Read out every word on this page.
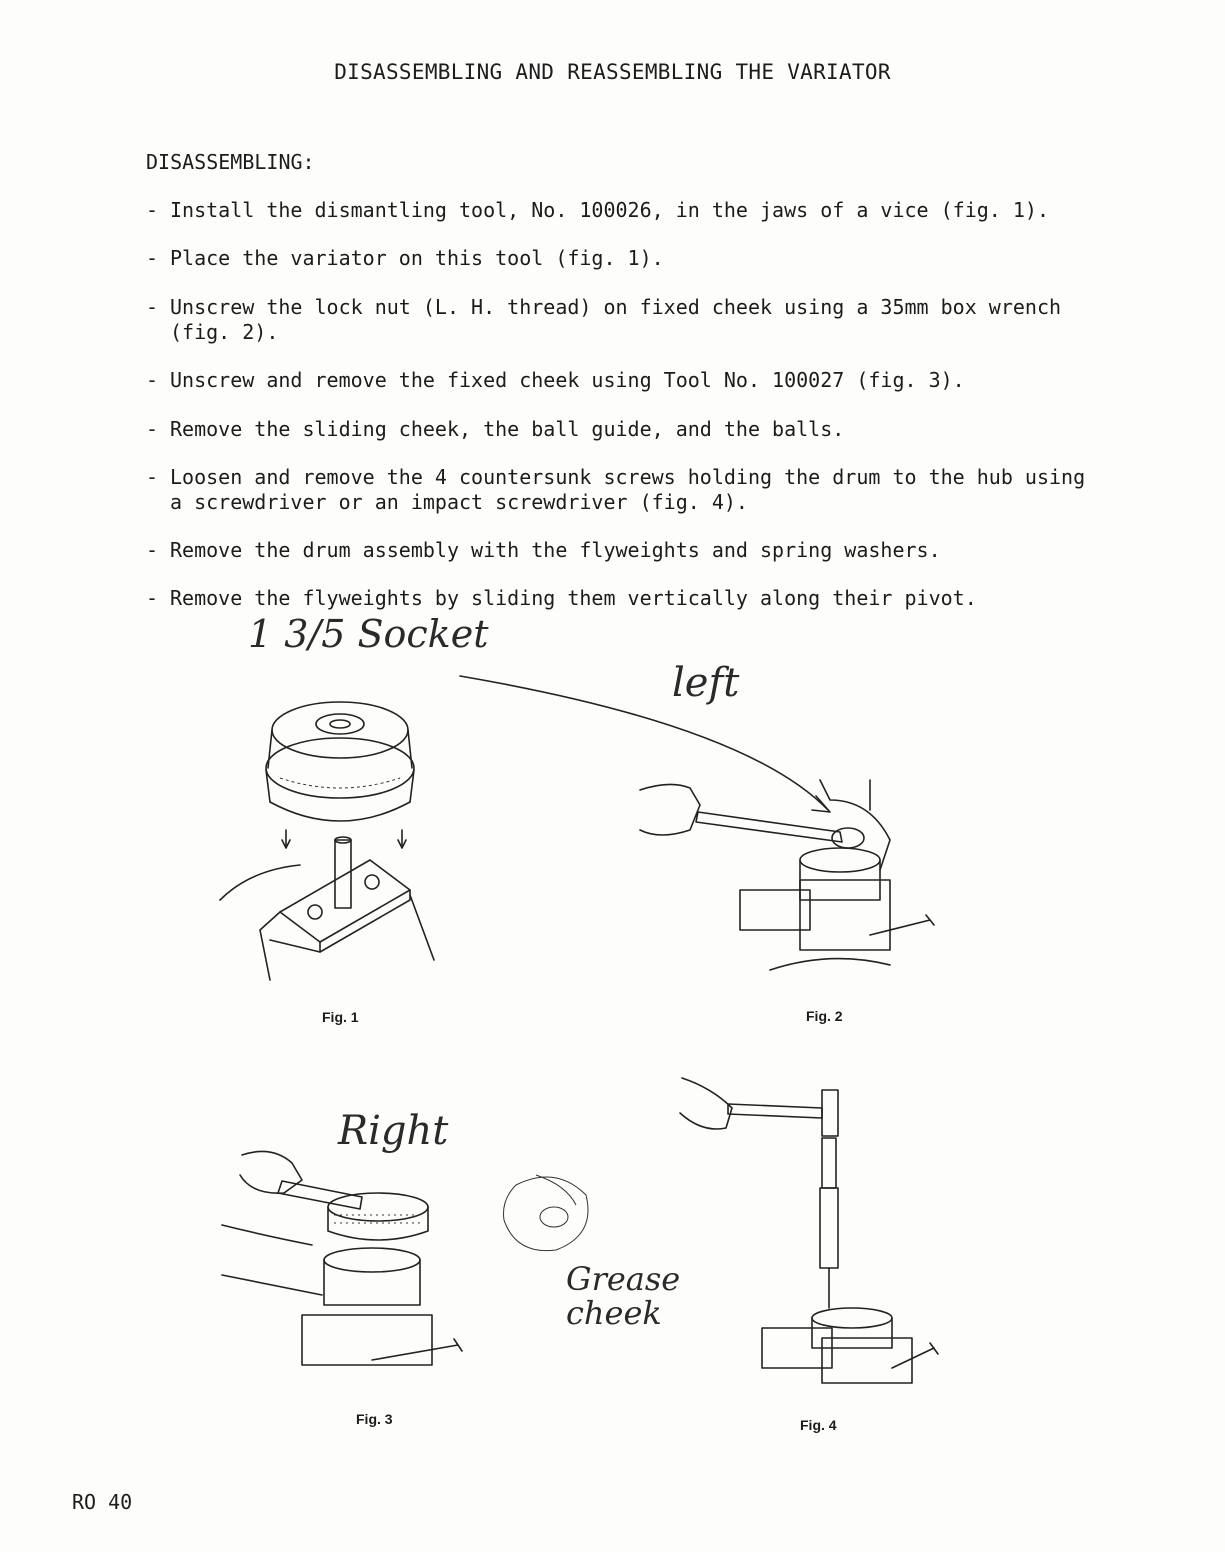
DISASSEMBLING AND REASSEMBLING THE VARIATOR
DISASSEMBLING:
- Install the dismantling tool, No. 100026, in the jaws of a vice (fig. 1).
- Place the variator on this tool (fig. 1).
- Unscrew the lock nut (L. H. thread) on fixed cheek using a 35mm box wrench (fig. 2).
- Unscrew and remove the fixed cheek using Tool No. 100027 (fig. 3).
- Remove the sliding cheek, the ball guide, and the balls.
- Loosen and remove the 4 countersunk screws holding the drum to the hub using a screwdriver or an impact screwdriver (fig. 4).
- Remove the drum assembly with the flyweights and spring washers.
- Remove the flyweights by sliding them vertically along their pivot.
1 3/5 Socket
left
Right
Grease cheek
Fig. 1	Fig. 2
Fig. 3	Fig. 4
RO 40
